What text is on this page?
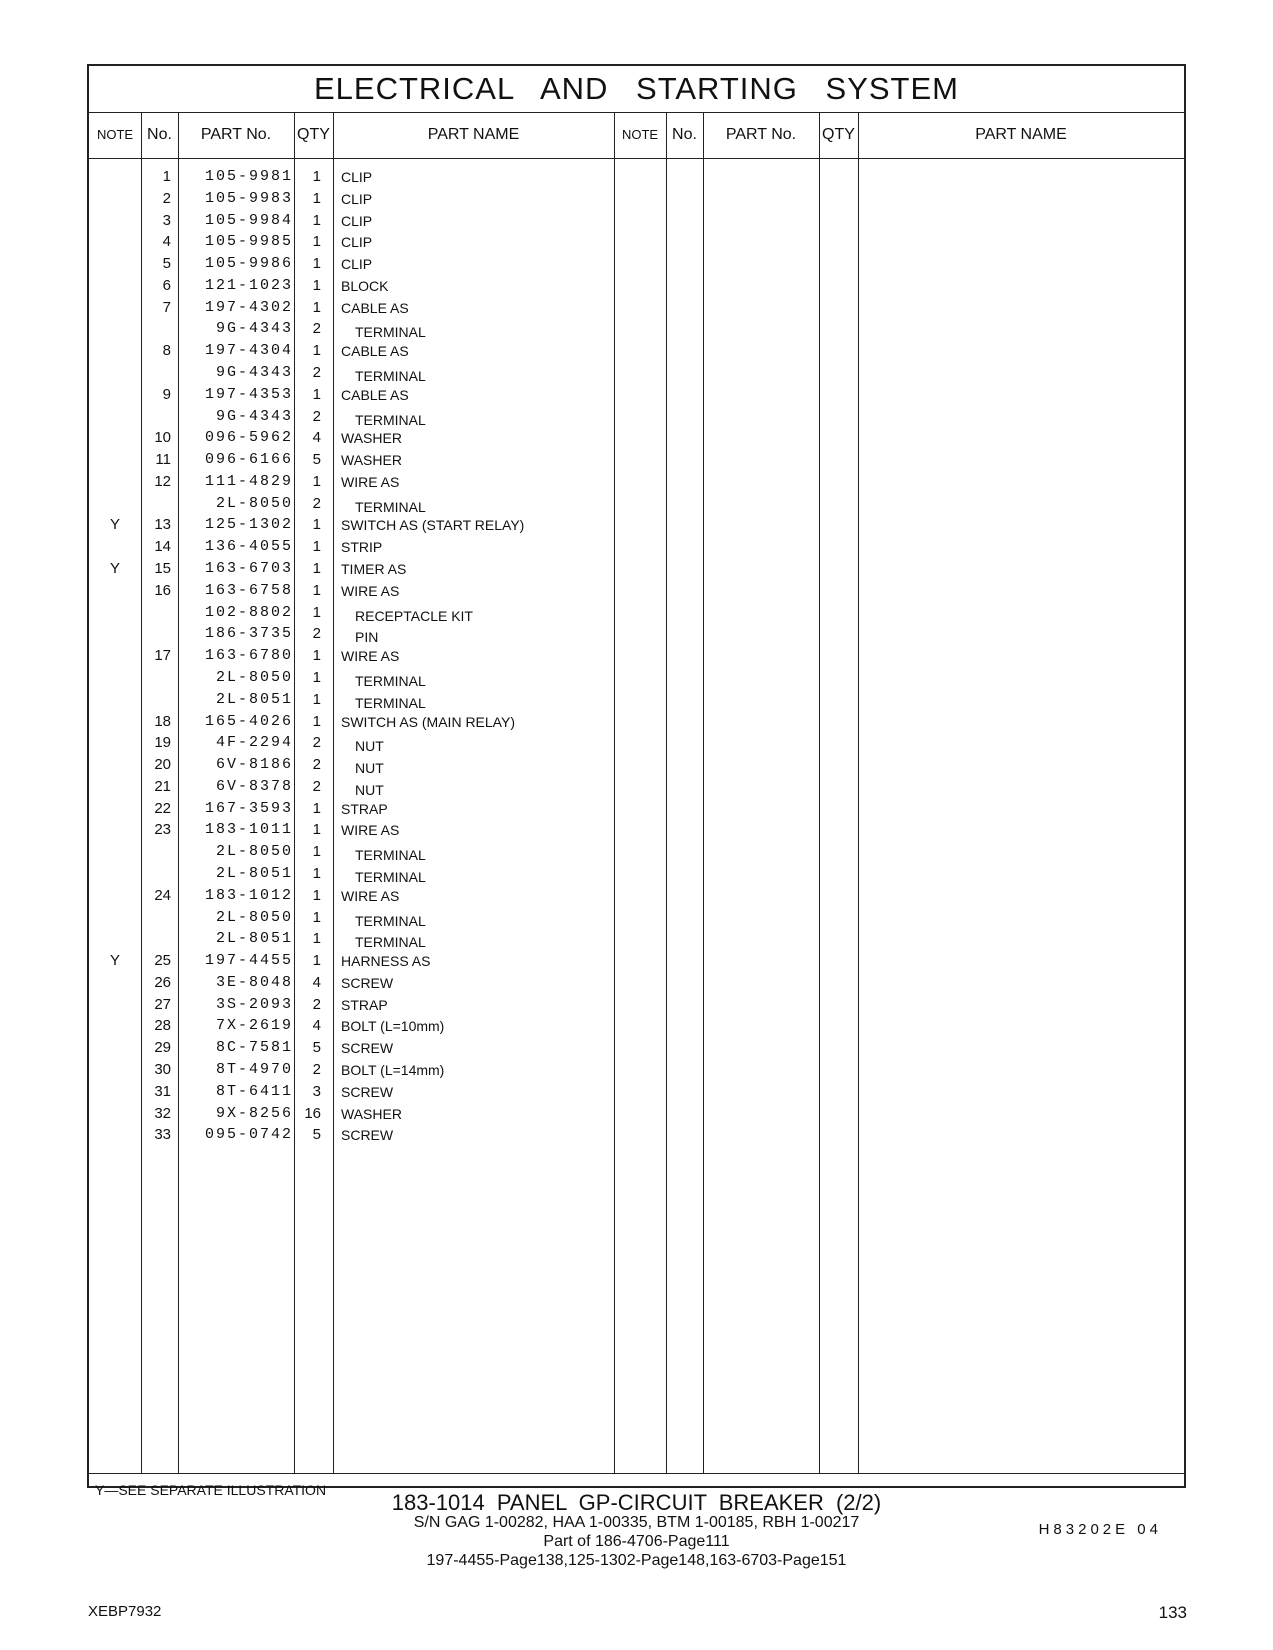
ELECTRICAL AND STARTING SYSTEM
NOTE No.	PART No.	QTY	PART NAME	NOTE No.	PART No.	QTY	PART NAME
1	105-9981	1 CLIP
2	105-9983	1 CLIP
3	105-9984	1 CLIP
4	105-9985	1 CLIP
5	105-9986	1 CLIP
6	121-1023	1 BLOCK
7	197-4302	1 CABLE AS
9G-4343	2 TERMINAL
8	197-4304	1 CABLE AS
9G-4343	2 TERMINAL
9	197-4353	1 CABLE AS
9G-4343	2 TERMINAL
10	096-5962	4 WASHER
11	096-6166	5 WASHER
12	111-4829	1 WIRE AS
2L-8050	2 TERMINAL
Y	13	125-1302	1 SWITCH AS (START RELAY)
14	136-4055	1 STRIP
Y	15	163-6703	1 TIMER AS
16	163-6758	1 WIRE AS
102-8802	1 RECEPTACLE KIT
186-3735	2 PIN
17	163-6780	1 WIRE AS
2L-8050	1 TERMINAL
2L-8051	1 TERMINAL
18	165-4026	1 SWITCH AS (MAIN RELAY)
19	4F-2294	2 NUT
20	6V-8186	2 NUT
21	6V-8378	2 NUT
22	167-3593	1 STRAP
23	183-1011	1 WIRE AS
2L-8050	1 TERMINAL
2L-8051	1 TERMINAL
24	183-1012	1 WIRE AS
2L-8050	1 TERMINAL
2L-8051	1 TERMINAL
Y	25	197-4455	1 HARNESS AS
26	3E-8048	4 SCREW
27	3S-2093	2 STRAP
28	7X-2619	4 BOLT (L=10mm)
29	8C-7581	5 SCREW
30	8T-4970	2 BOLT (L=14mm)
31	8T-6411	3 SCREW
32	9X-8256 16 WASHER
33	095-0742	5 SCREW
Y—SEE SEPARATE ILLUSTRATION
H83202E 04
183-1014 PANEL GP-CIRCUIT BREAKER (2/2)
S/N GAG 1-00282, HAA 1-00335, BTM 1-00185, RBH 1-00217
Part of 186-4706-Page111
197-4455-Page138,125-1302-Page148,163-6703-Page151
XEBP7932	133
